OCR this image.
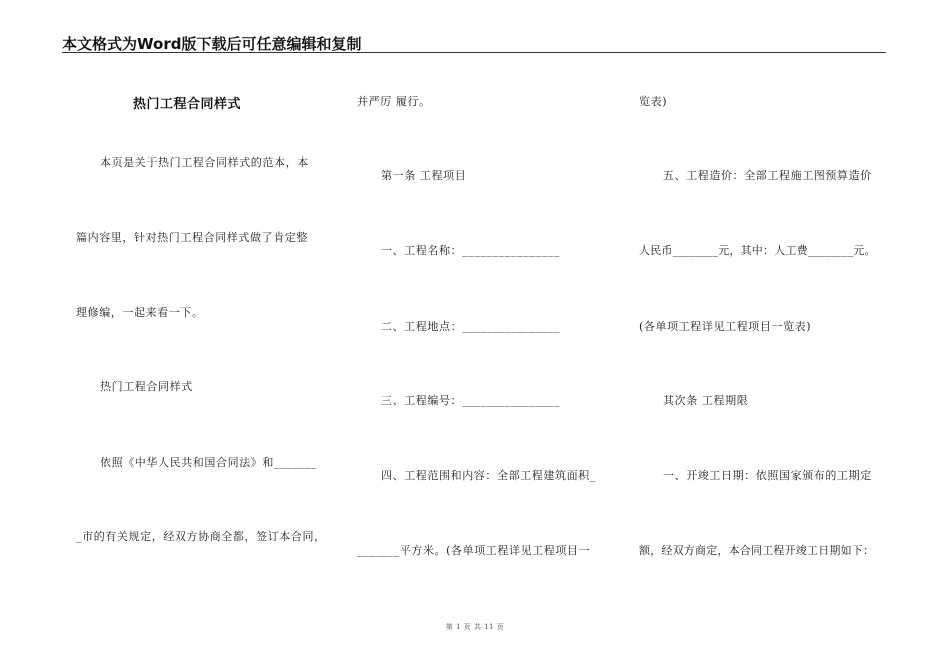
本文格式为Word版下载后可任意编辑和复制
热门工程合同样式
本页是关于热门工程合同样式的范本，本
篇内容里，针对热门工程合同样式做了肯定整
理修编，一起来看一下。
热门工程合同样式
依照《中华人民共和国合同法》和_______
_市的有关规定，经双方协商全都，签订本合同，
并严厉 履行。
第一条 工程项目
一、工程名称：________________
二、工程地点：________________
三、工程编号：________________
四、工程范围和内容：全部工程建筑面积_
_______平方米。(各单项工程详见工程项目一
览表)
五、工程造价：全部工程施工图预算造价
人民币________元，其中：人工费________元。
(各单项工程详见工程项目一览表)
其次条 工程期限
一、开竣工日期：依照国家颁布的工期定
额，经双方商定，本合同工程开竣工日期如下：
第 1 页 共 11 页
